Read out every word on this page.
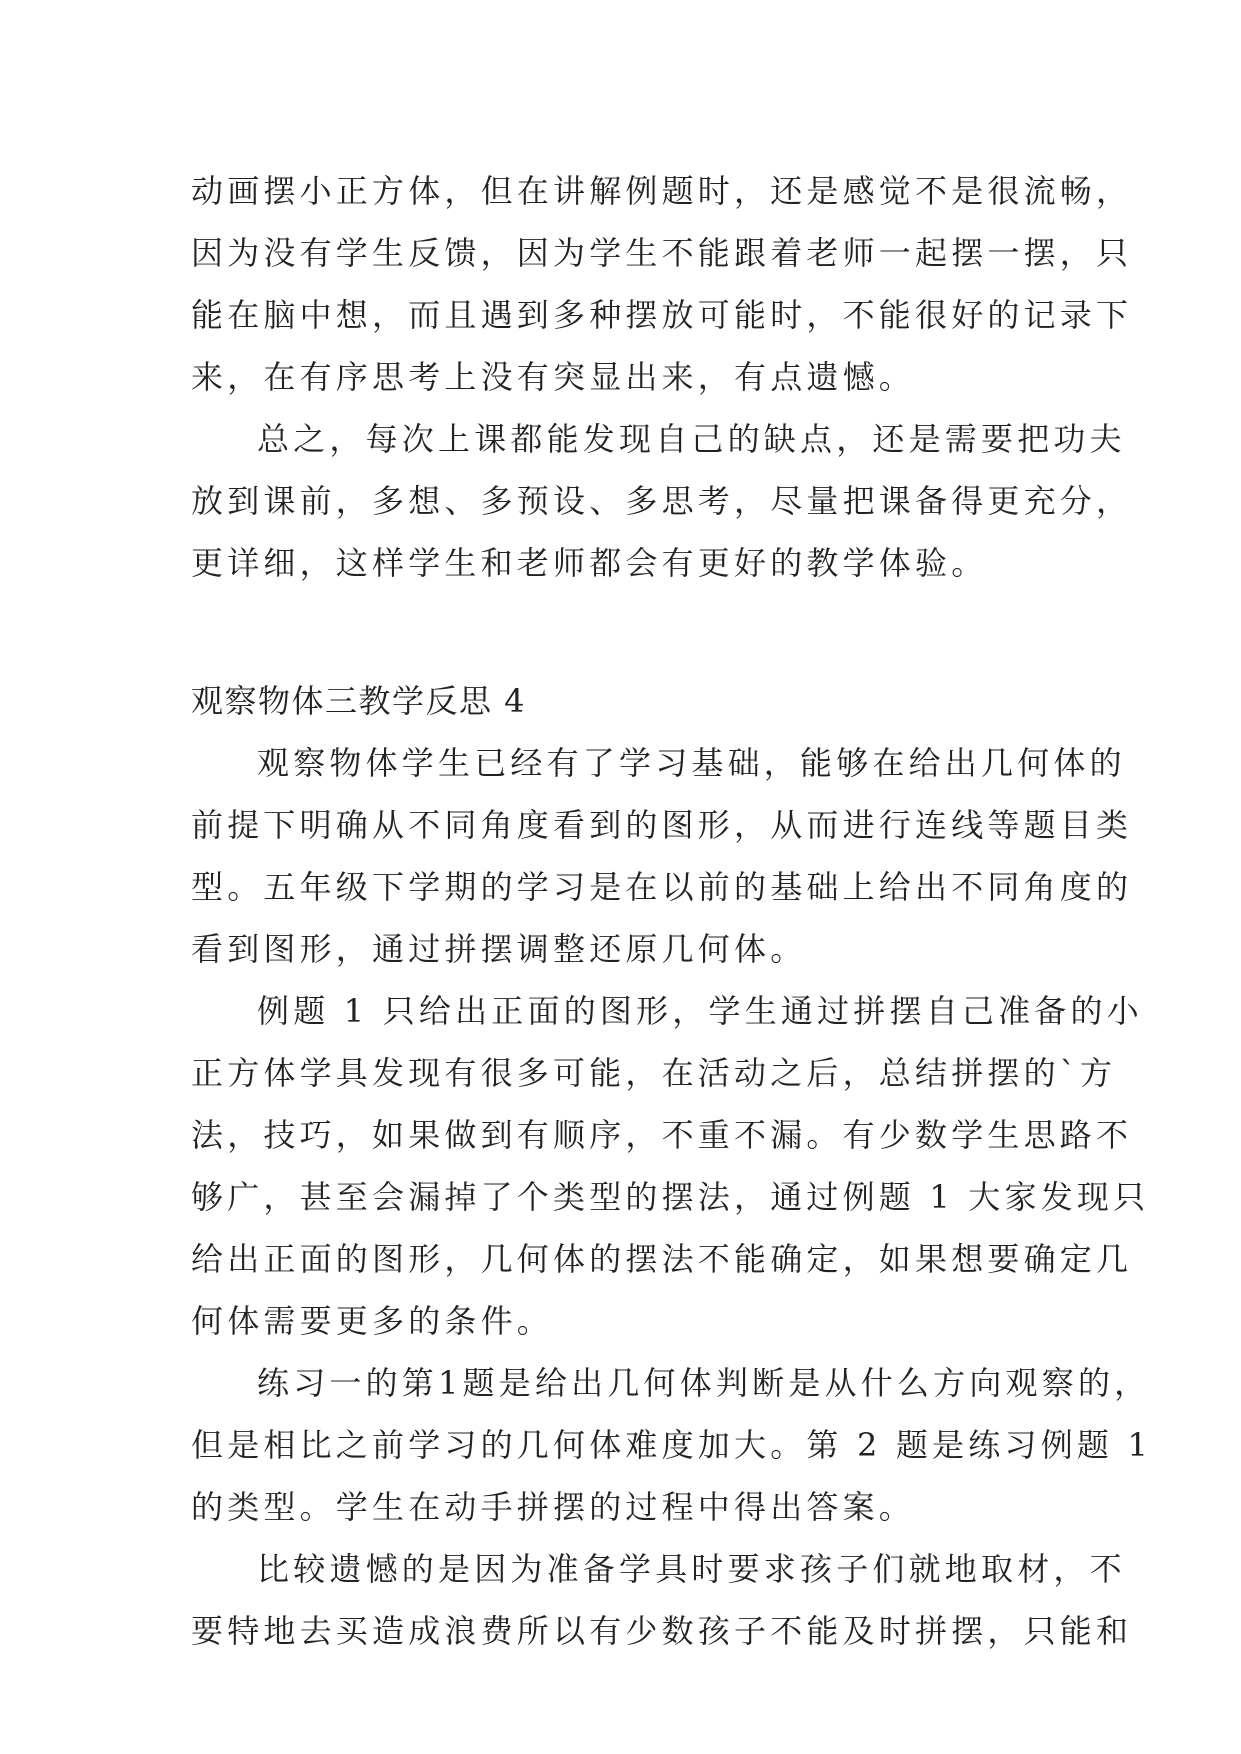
动画摆小正方体，但在讲解例题时，还是感觉不是很流畅，
因为没有学生反馈，因为学生不能跟着老师一起摆一摆，只
能在脑中想，而且遇到多种摆放可能时，不能很好的记录下
来，在有序思考上没有突显出来，有点遗憾。
总之，每次上课都能发现自己的缺点，还是需要把功夫
放到课前，多想、多预设、多思考，尽量把课备得更充分，
更详细，这样学生和老师都会有更好的教学体验。
观察物体三教学反思 4
观察物体学生已经有了学习基础，能够在给出几何体的
前提下明确从不同角度看到的图形，从而进行连线等题目类
型。五年级下学期的学习是在以前的基础上给出不同角度的
看到图形，通过拼摆调整还原几何体。
例题 1 只给出正面的图形，学生通过拼摆自己准备的小
正方体学具发现有很多可能，在活动之后，总结拼摆的`方
法，技巧，如果做到有顺序，不重不漏。有少数学生思路不
够广，甚至会漏掉了个类型的摆法，通过例题 1 大家发现只
给出正面的图形，几何体的摆法不能确定，如果想要确定几
何体需要更多的条件。
练习一的第1题是给出几何体判断是从什么方向观察的，
但是相比之前学习的几何体难度加大。第 2 题是练习例题 1
的类型。学生在动手拼摆的过程中得出答案。
比较遗憾的是因为准备学具时要求孩子们就地取材，不
要特地去买造成浪费所以有少数孩子不能及时拼摆，只能和
